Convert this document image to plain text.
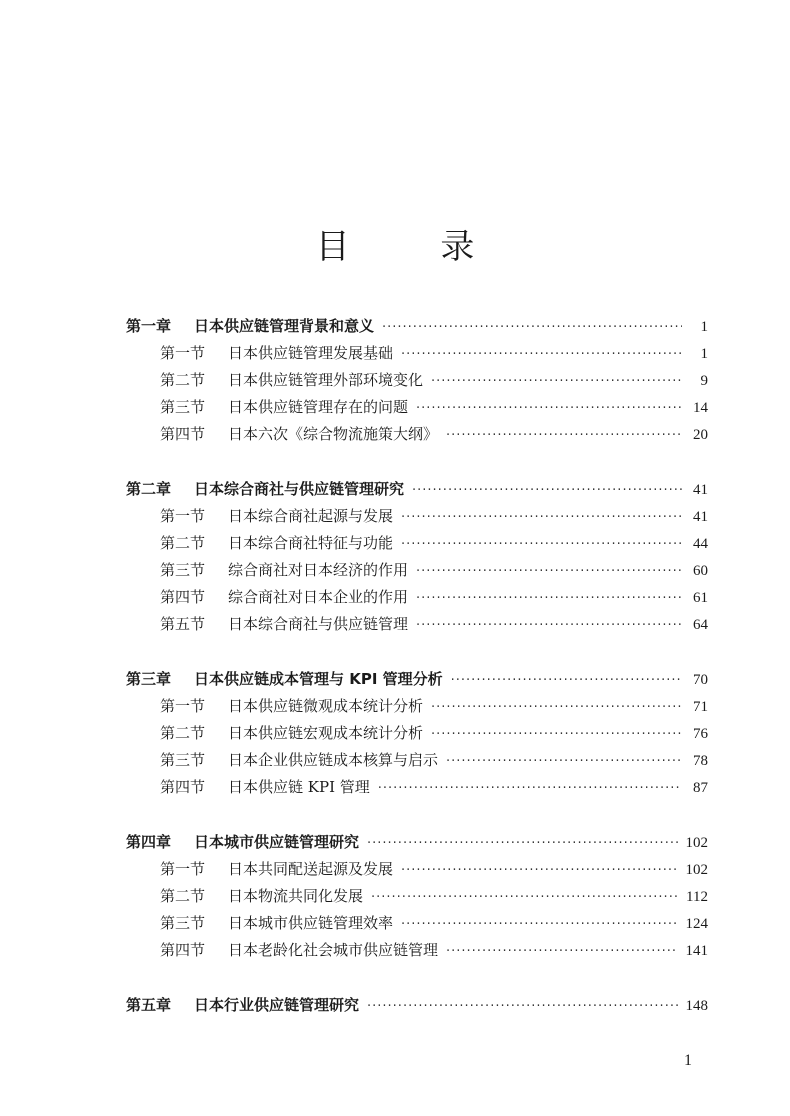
目 录
第一章	日本供应链管理背景和意义 ·····	1
第一节	日本供应链管理发展基础 ·····	1
第二节	日本供应链管理外部环境变化 ·····	9
第三节	日本供应链管理存在的问题 ·····	14
第四节	日本六次《综合物流施策大纲》 ·····	20
第二章	日本综合商社与供应链管理研究 ·····	41
第一节	日本综合商社起源与发展 ·····	41
第二节	日本综合商社特征与功能 ·····	44
第三节	综合商社对日本经济的作用 ·····	60
第四节	综合商社对日本企业的作用 ·····	61
第五节	日本综合商社与供应链管理 ·····	64
第三章	日本供应链成本管理与 KPI 管理分析 ·····	70
第一节	日本供应链微观成本统计分析 ·····	71
第二节	日本供应链宏观成本统计分析 ·····	76
第三节	日本企业供应链成本核算与启示 ·····	78
第四节	日本供应链 KPI 管理 ·····	87
第四章	日本城市供应链管理研究 ·····	102
第一节	日本共同配送起源及发展 ·····	102
第二节	日本物流共同化发展 ·····	112
第三节	日本城市供应链管理效率 ·····	124
第四节	日本老龄化社会城市供应链管理 ·····	141
第五章	日本行业供应链管理研究 ·····	148
1
